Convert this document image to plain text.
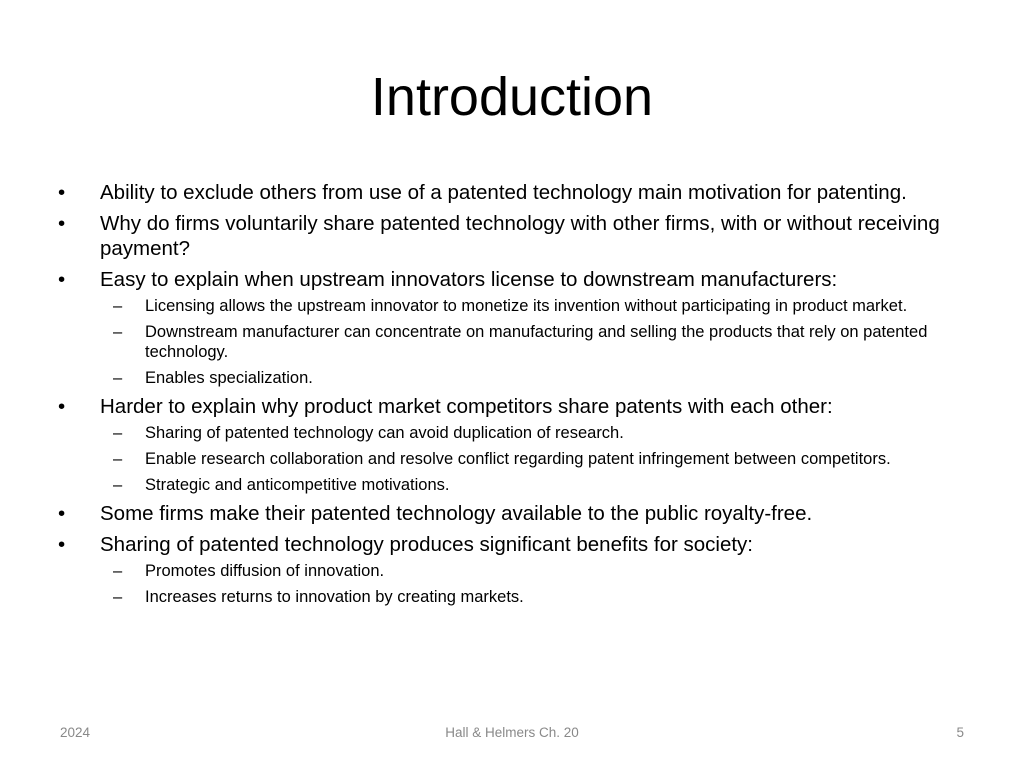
Introduction
•	Ability to exclude others from use of a patented technology main motivation for patenting.
•	Why do firms voluntarily share patented technology with other firms, with or without receiving payment?
•	Easy to explain when upstream innovators license to downstream manufacturers:
–	Licensing allows the upstream innovator to monetize its invention without participating in product market.
–	Downstream manufacturer can concentrate on manufacturing and selling the products that rely on patented technology.
–	Enables specialization.
•	Harder to explain why product market competitors share patents with each other:
–	Sharing of patented technology can avoid duplication of research.
–	Enable research collaboration and resolve conflict regarding patent infringement between competitors.
–	Strategic and anticompetitive motivations.
•	Some firms make their patented technology available to the public royalty-free.
•	Sharing of patented technology produces significant benefits for society:
–	Promotes diffusion of innovation.
–	Increases returns to innovation by creating markets.
2024	Hall & Helmers Ch. 20	5
